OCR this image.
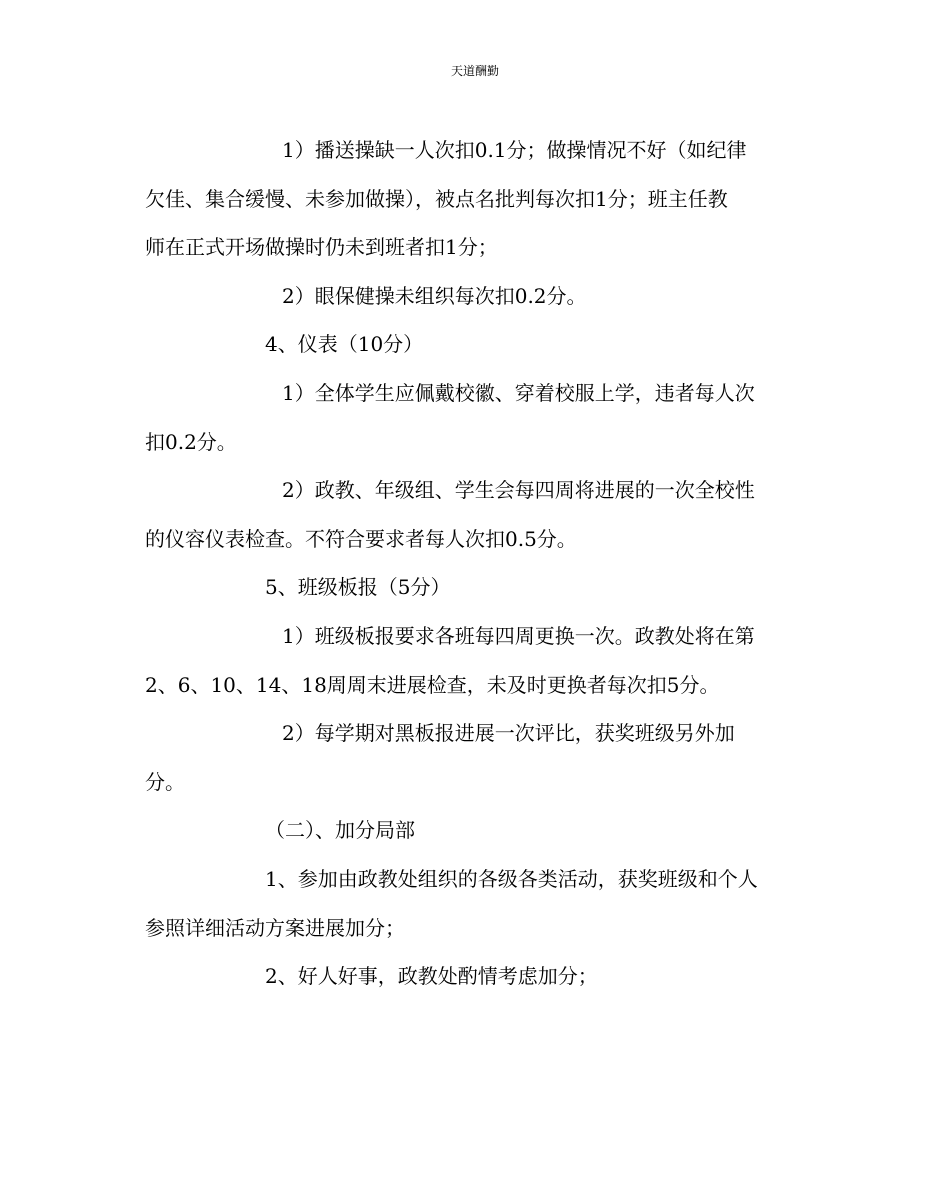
天道酬勤
1）播送操缺一人次扣0.1分；做操情况不好（如纪律
欠佳、集合缓慢、未参加做操），被点名批判每次扣1分；班主任教
师在正式开场做操时仍未到班者扣1分；
2）眼保健操未组织每次扣0.2分。
4、仪表（10分）
1）全体学生应佩戴校徽、穿着校服上学，违者每人次
扣0.2分。
2）政教、年级组、学生会每四周将进展的一次全校性
的仪容仪表检查。不符合要求者每人次扣0.5分。
5、班级板报（5分）
1）班级板报要求各班每四周更换一次。政教处将在第
2、6、10、14、18周周末进展检查，未及时更换者每次扣5分。
2）每学期对黑板报进展一次评比，获奖班级另外加
分。
（二）、加分局部
1、参加由政教处组织的各级各类活动，获奖班级和个人
参照详细活动方案进展加分；
2、好人好事，政教处酌情考虑加分；
